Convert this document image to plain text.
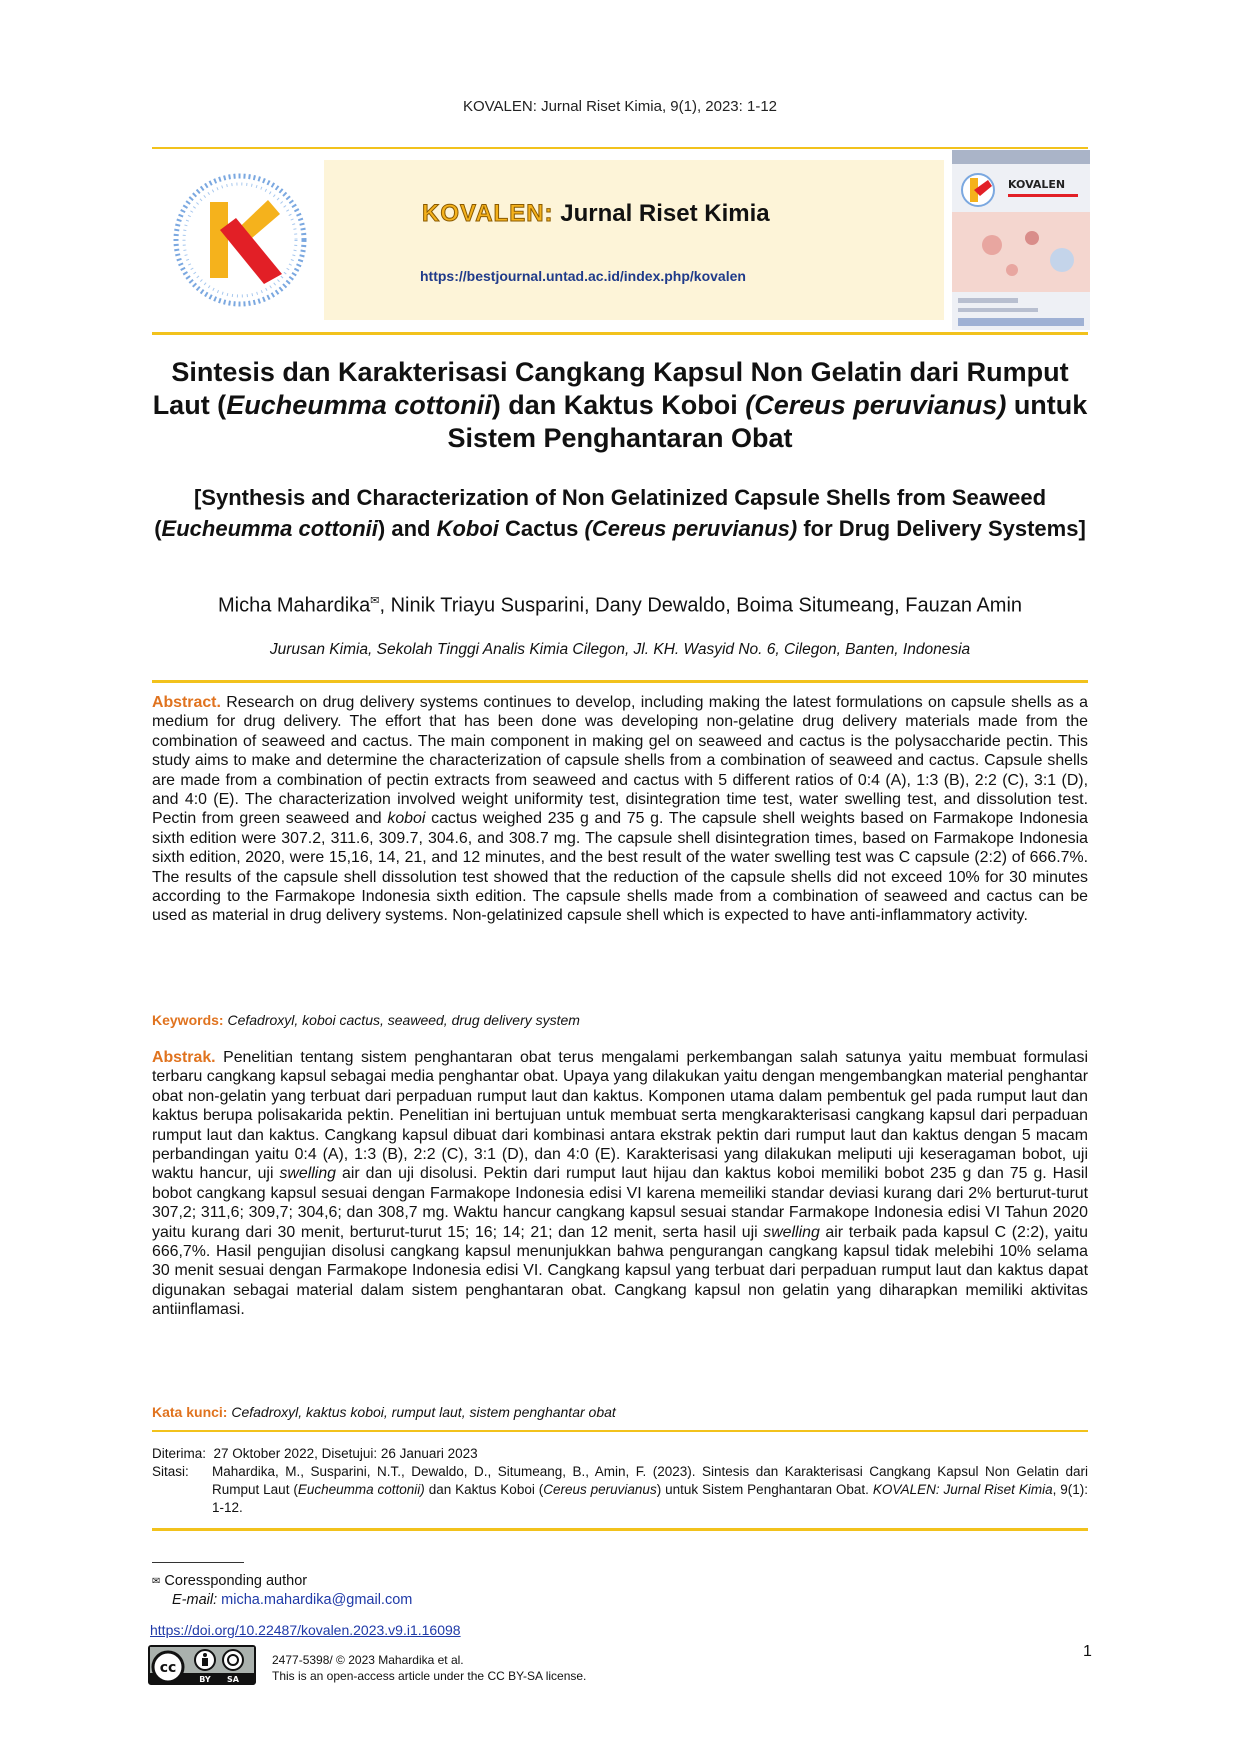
KOVALEN: Jurnal Riset Kimia, 9(1), 2023: 1-12
KOVALEN: Jurnal Riset Kimia
https://bestjournal.untad.ac.id/index.php/kovalen
KOVALEN
Sintesis dan Karakterisasi Cangkang Kapsul Non Gelatin dari Rumput Laut (Eucheumma cottonii) dan Kaktus Koboi (Cereus peruvianus) untuk Sistem Penghantaran Obat
[Synthesis and Characterization of Non Gelatinized Capsule Shells from Seaweed (Eucheumma cottonii) and Koboi Cactus (Cereus peruvianus) for Drug Delivery Systems]
Micha Mahardika✉, Ninik Triayu Susparini, Dany Dewaldo, Boima Situmeang, Fauzan Amin
Jurusan Kimia, Sekolah Tinggi Analis Kimia Cilegon, Jl. KH. Wasyid No. 6, Cilegon, Banten, Indonesia
Abstract. Research on drug delivery systems continues to develop, including making the latest formulations on capsule shells as a medium for drug delivery. The effort that has been done was developing non-gelatine drug delivery materials made from the combination of seaweed and cactus. The main component in making gel on seaweed and cactus is the polysaccharide pectin. This study aims to make and determine the characterization of capsule shells from a combination of seaweed and cactus. Capsule shells are made from a combination of pectin extracts from seaweed and cactus with 5 different ratios of 0:4 (A), 1:3 (B), 2:2 (C), 3:1 (D), and 4:0 (E). The characterization involved weight uniformity test, disintegration time test, water swelling test, and dissolution test. Pectin from green seaweed and koboi cactus weighed 235 g and 75 g. The capsule shell weights based on Farmakope Indonesia sixth edition were 307.2, 311.6, 309.7, 304.6, and 308.7 mg. The capsule shell disintegration times, based on Farmakope Indonesia sixth edition, 2020, were 15,16, 14, 21, and 12 minutes, and the best result of the water swelling test was C capsule (2:2) of 666.7%. The results of the capsule shell dissolution test showed that the reduction of the capsule shells did not exceed 10% for 30 minutes according to the Farmakope Indonesia sixth edition. The capsule shells made from a combination of seaweed and cactus can be used as material in drug delivery systems. Non-gelatinized capsule shell which is expected to have anti-inflammatory activity.
Keywords: Cefadroxyl, koboi cactus, seaweed, drug delivery system
Abstrak. Penelitian tentang sistem penghantaran obat terus mengalami perkembangan salah satunya yaitu membuat formulasi terbaru cangkang kapsul sebagai media penghantar obat. Upaya yang dilakukan yaitu dengan mengembangkan material penghantar obat non-gelatin yang terbuat dari perpaduan rumput laut dan kaktus. Komponen utama dalam pembentuk gel pada rumput laut dan kaktus berupa polisakarida pektin. Penelitian ini bertujuan untuk membuat serta mengkarakterisasi cangkang kapsul dari perpaduan rumput laut dan kaktus. Cangkang kapsul dibuat dari kombinasi antara ekstrak pektin dari rumput laut dan kaktus dengan 5 macam perbandingan yaitu 0:4 (A), 1:3 (B), 2:2 (C), 3:1 (D), dan 4:0 (E). Karakterisasi yang dilakukan meliputi uji keseragaman bobot, uji waktu hancur, uji swelling air dan uji disolusi. Pektin dari rumput laut hijau dan kaktus koboi memiliki bobot 235 g dan 75 g. Hasil bobot cangkang kapsul sesuai dengan Farmakope Indonesia edisi VI karena memeiliki standar deviasi kurang dari 2% berturut-turut 307,2; 311,6; 309,7; 304,6; dan 308,7 mg. Waktu hancur cangkang kapsul sesuai standar Farmakope Indonesia edisi VI Tahun 2020 yaitu kurang dari 30 menit, berturut-turut 15; 16; 14; 21; dan 12 menit, serta hasil uji swelling air terbaik pada kapsul C (2:2), yaitu 666,7%. Hasil pengujian disolusi cangkang kapsul menunjukkan bahwa pengurangan cangkang kapsul tidak melebihi 10% selama 30 menit sesuai dengan Farmakope Indonesia edisi VI. Cangkang kapsul yang terbuat dari perpaduan rumput laut dan kaktus dapat digunakan sebagai material dalam sistem penghantaran obat. Cangkang kapsul non gelatin yang diharapkan memiliki aktivitas antiinflamasi.
Kata kunci: Cefadroxyl, kaktus koboi, rumput laut, sistem penghantar obat
Diterima:  27 Oktober 2022, Disetujui: 26 Januari 2023
Sitasi:	Mahardika, M., Susparini, N.T., Dewaldo, D., Situmeang, B., Amin, F. (2023). Sintesis dan Karakterisasi Cangkang Kapsul Non Gelatin dari Rumput Laut (Eucheumma cottonii) dan Kaktus Koboi (Cereus peruvianus) untuk Sistem Penghantaran Obat. KOVALEN: Jurnal Riset Kimia, 9(1): 1-12.
✉ Coressponding author
E-mail: micha.mahardika@gmail.com
https://doi.org/10.22487/kovalen.2023.v9.i1.16098
cc
BY SA
2477-5398/ © 2023 Mahardika et al.
This is an open-access article under the CC BY-SA license.
1
